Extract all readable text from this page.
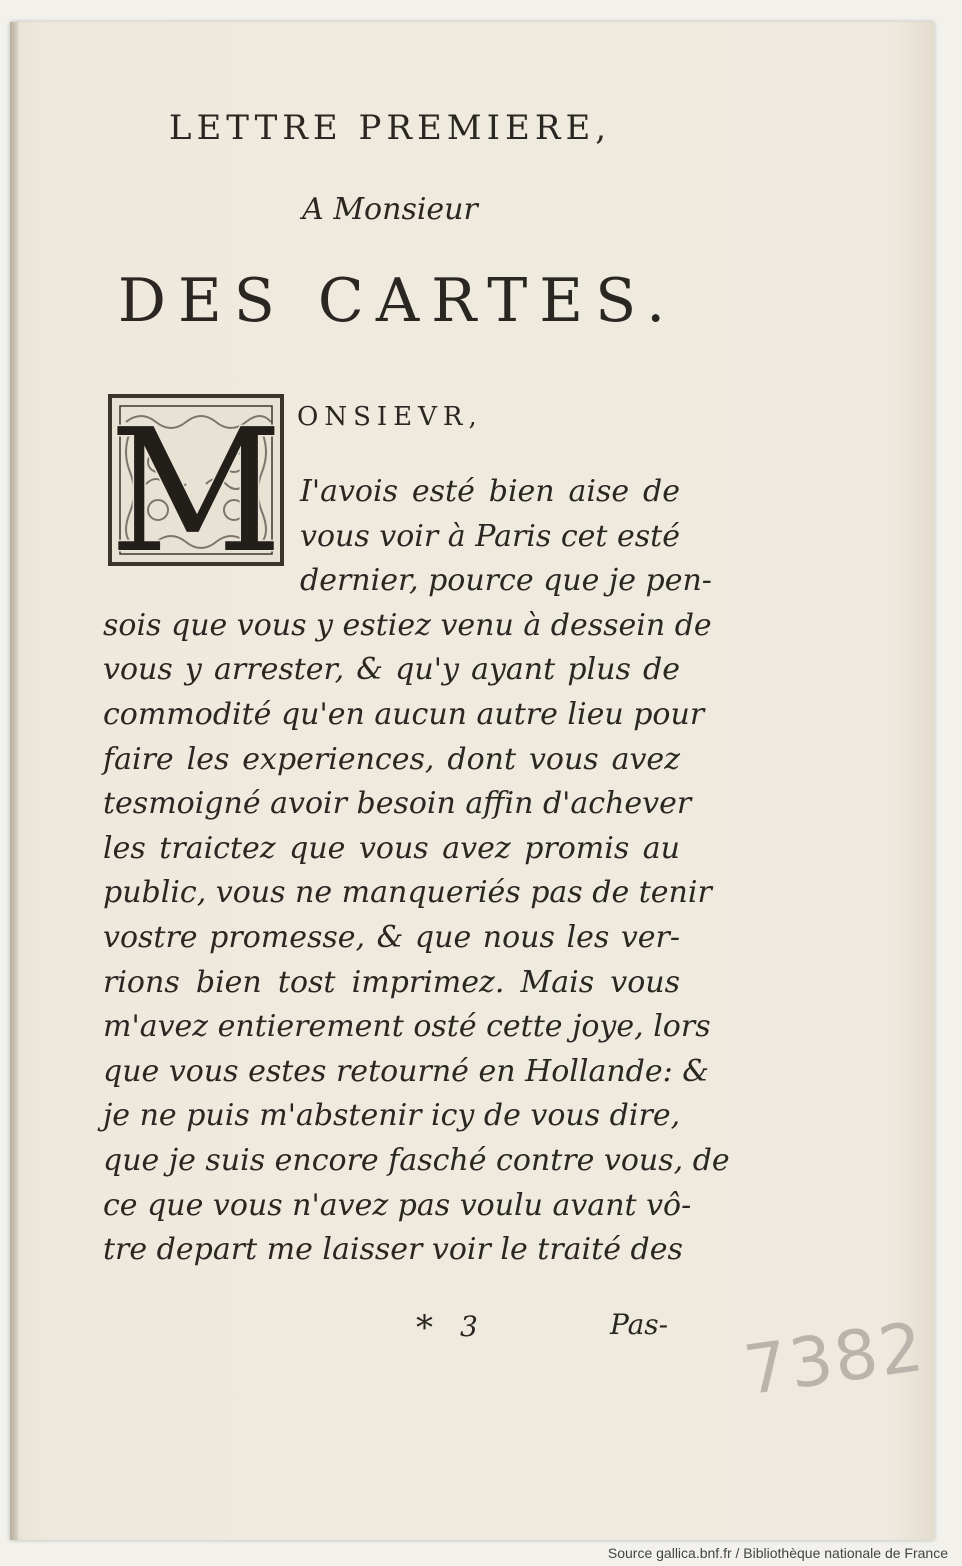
LETTRE PREMIERE,
A Monsieur
DES CARTES.
M ONSIEVR,
I'avois esté bien aise de
vous voir à Paris cet esté
dernier, pource que je pen-
sois que vous y estiez venu à dessein de
vous y arrester, & qu'y ayant plus de
commodité qu'en aucun autre lieu pour
faire les experiences, dont vous avez
tesmoigné avoir besoin affin d'achever
les traictez que vous avez promis au
public, vous ne manqueriés pas de tenir
vostre promesse, & que nous les ver-
rions bien tost imprimez. Mais vous
m'avez entierement osté cette joye, lors
que vous estes retourné en Hollande: &
je ne puis m'abstenir icy de vous dire,
que je suis encore fasché contre vous, de
ce que vous n'avez pas voulu avant vô-
tre depart me laisser voir le traité des
* 3	Pas- 7382
Source gallica.bnf.fr / Bibliothèque nationale de France
